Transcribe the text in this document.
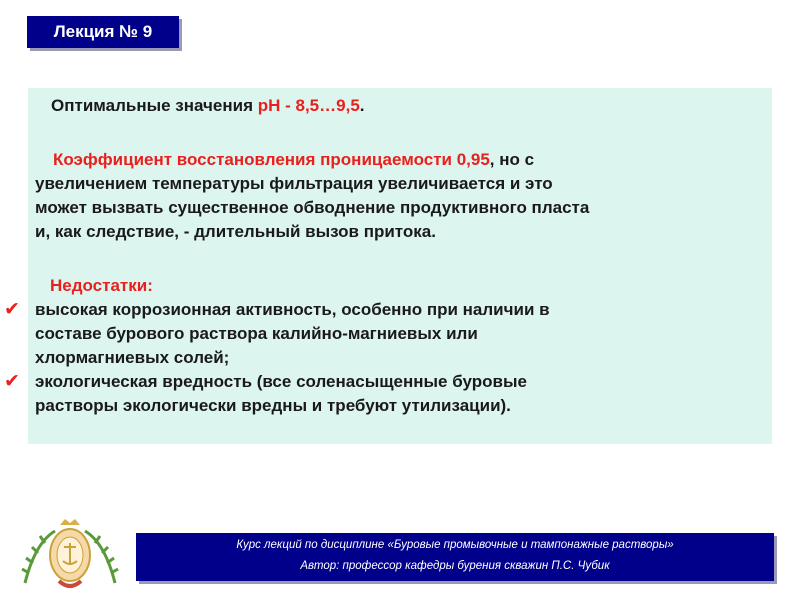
Лекция № 9
Оптимальные значения pH - 8,5…9,5.
Коэффициент восстановления проницаемости 0,95, но с
увеличением температуры фильтрация увеличивается и это
может вызвать существенное обводнение продуктивного пласта
и, как следствие, - длительный вызов притока.
Недостатки:
✔ высокая коррозионная активность, особенно при наличии в
составе бурового раствора калийно-магниевых или
хлормагниевых солей;
✔ экологическая вредность (все соленасыщенные буровые
растворы экологически вредны и требуют утилизации).
Курс лекций по дисциплине «Буровые промывочные и тампонажные растворы»
Автор: профессор кафедры бурения скважин П.С. Чубик
